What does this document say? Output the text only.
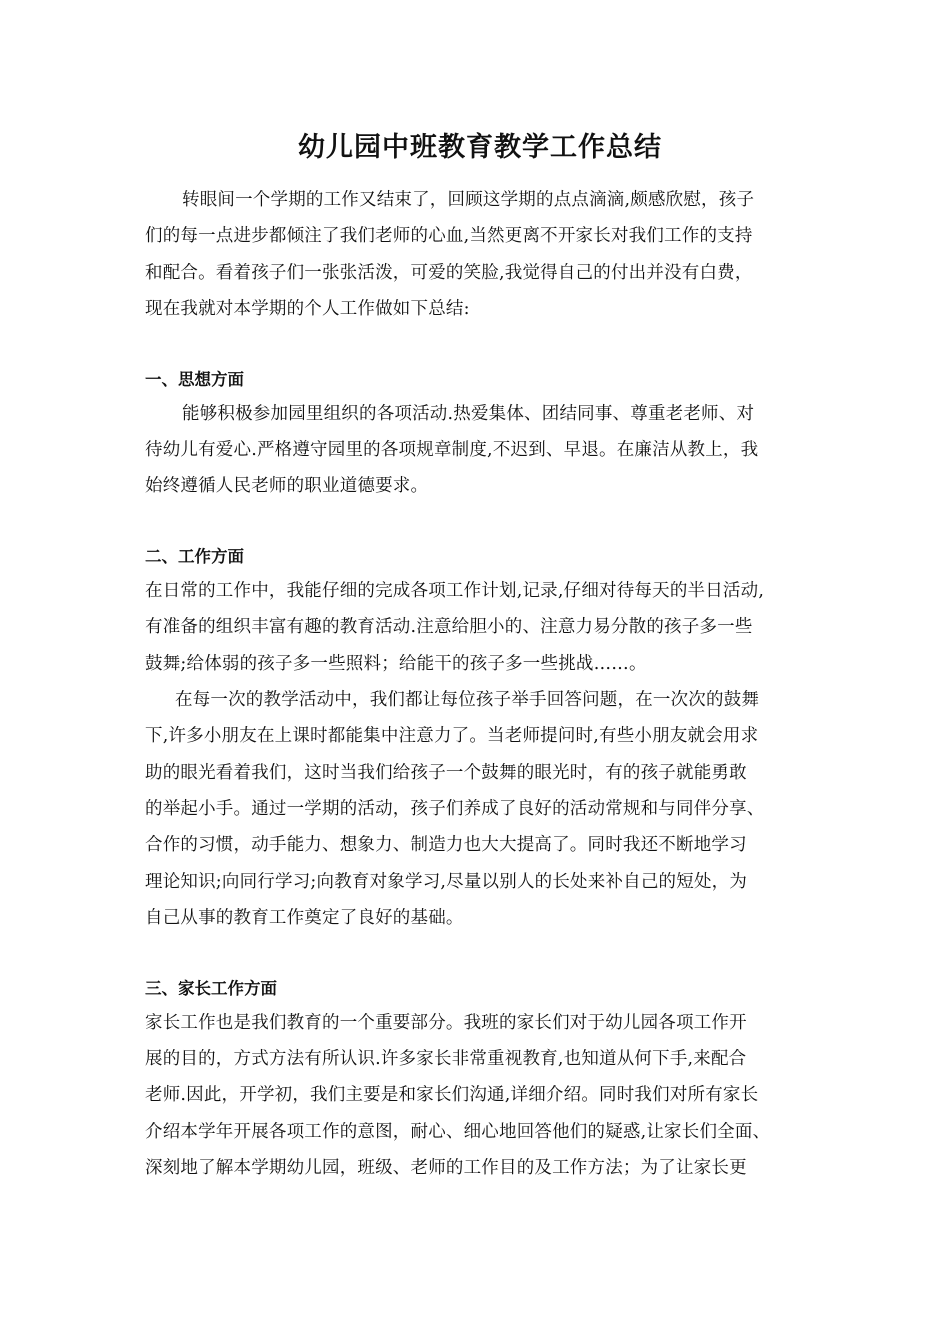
幼儿园中班教育教学工作总结
转眼间一个学期的工作又结束了，回顾这学期的点点滴滴,颇感欣慰，孩子
们的每一点进步都倾注了我们老师的心血,当然更离不开家长对我们工作的支持
和配合。看着孩子们一张张活泼，可爱的笑脸,我觉得自己的付出并没有白费，
现在我就对本学期的个人工作做如下总结:
一、思想方面
能够积极参加园里组织的各项活动.热爱集体、团结同事、尊重老老师、对
待幼儿有爱心.严格遵守园里的各项规章制度,不迟到、早退。在廉洁从教上，我
始终遵循人民老师的职业道德要求。
二、工作方面
在日常的工作中，我能仔细的完成各项工作计划,记录,仔细对待每天的半日活动,
有准备的组织丰富有趣的教育活动.注意给胆小的、注意力易分散的孩子多一些
鼓舞;给体弱的孩子多一些照料；给能干的孩子多一些挑战……。
在每一次的教学活动中，我们都让每位孩子举手回答问题，在一次次的鼓舞
下,许多小朋友在上课时都能集中注意力了。当老师提问时,有些小朋友就会用求
助的眼光看着我们，这时当我们给孩子一个鼓舞的眼光时，有的孩子就能勇敢
的举起小手。通过一学期的活动，孩子们养成了良好的活动常规和与同伴分享、
合作的习惯，动手能力、想象力、制造力也大大提高了。同时我还不断地学习
理论知识;向同行学习;向教育对象学习,尽量以别人的长处来补自己的短处，为
自己从事的教育工作奠定了良好的基础。
三、家长工作方面
家长工作也是我们教育的一个重要部分。我班的家长们对于幼儿园各项工作开
展的目的，方式方法有所认识.许多家长非常重视教育,也知道从何下手,来配合
老师.因此，开学初，我们主要是和家长们沟通,详细介绍。同时我们对所有家长
介绍本学年开展各项工作的意图，耐心、细心地回答他们的疑惑,让家长们全面、
深刻地了解本学期幼儿园，班级、老师的工作目的及工作方法；为了让家长更
